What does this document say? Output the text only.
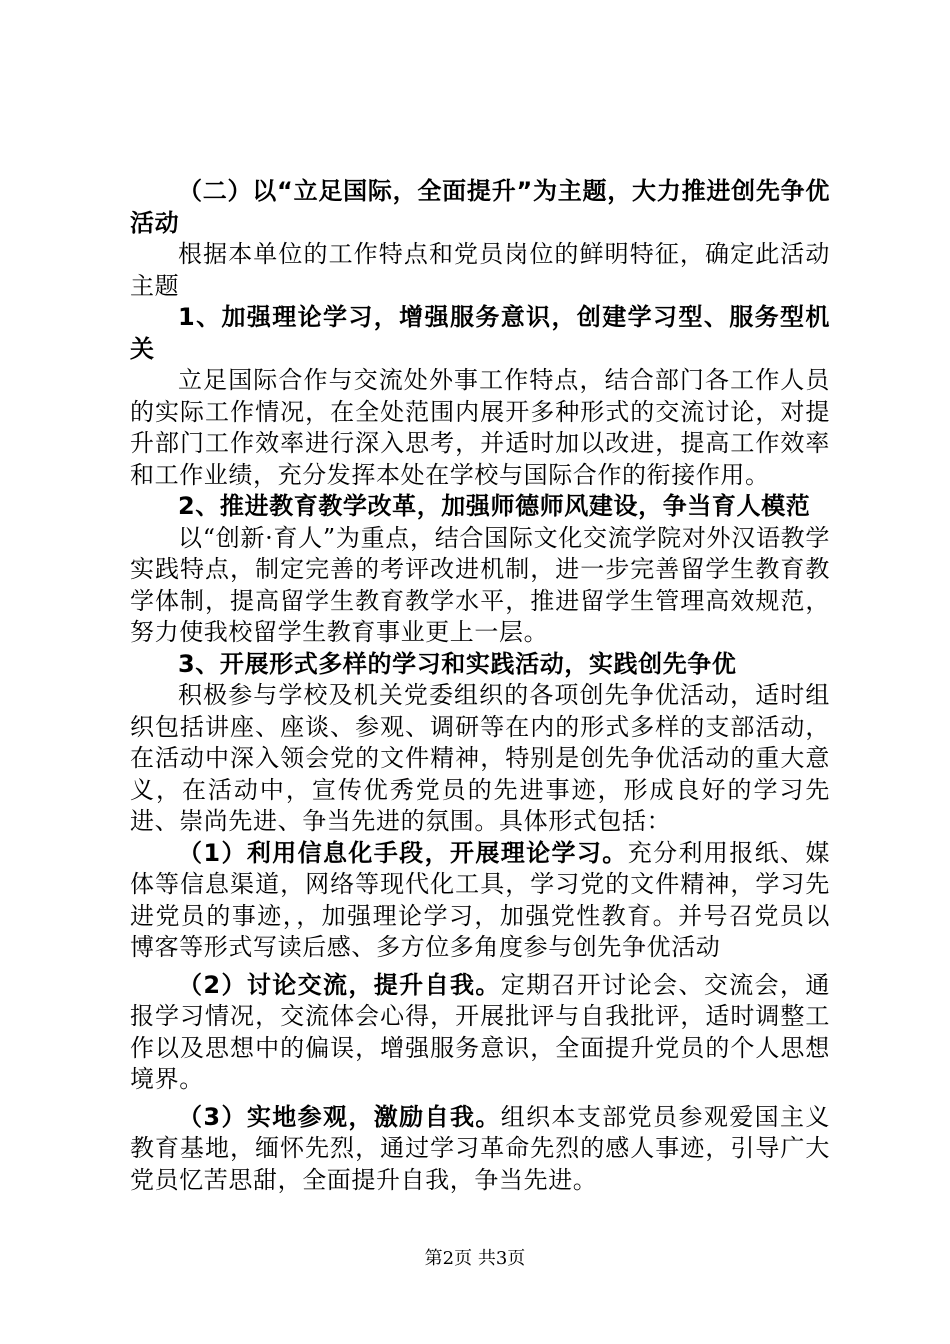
（二）以“立足国际，全面提升”为主题，大力推进创先争优活动

根据本单位的工作特点和党员岗位的鲜明特征，确定此活动主题

1、加强理论学习，增强服务意识，创建学习型、服务型机关

立足国际合作与交流处外事工作特点，结合部门各工作人员的实际工作情况，在全处范围内展开多种形式的交流讨论，对提升部门工作效率进行深入思考，并适时加以改进，提高工作效率和工作业绩，充分发挥本处在学校与国际合作的衔接作用。

2、推进教育教学改革，加强师德师风建设，争当育人模范

以“创新·育人”为重点，结合国际文化交流学院对外汉语教学实践特点，制定完善的考评改进机制，进一步完善留学生教育教学体制，提高留学生教育教学水平，推进留学生管理高效规范，努力使我校留学生教育事业更上一层。

3、开展形式多样的学习和实践活动，实践创先争优

积极参与学校及机关党委组织的各项创先争优活动，适时组织包括讲座、座谈、参观、调研等在内的形式多样的支部活动，在活动中深入领会党的文件精神，特别是创先争优活动的重大意义，在活动中，宣传优秀党员的先进事迹，形成良好的学习先进、崇尚先进、争当先进的氛围。具体形式包括：

（1）利用信息化手段，开展理论学习。充分利用报纸、媒体等信息渠道，网络等现代化工具，学习党的文件精神，学习先进党员的事迹，，加强理论学习，加强党性教育。并号召党员以博客等形式写读后感、多方位多角度参与创先争优活动

（2）讨论交流，提升自我。定期召开讨论会、交流会，通报学习情况，交流体会心得，开展批评与自我批评，适时调整工作以及思想中的偏误，增强服务意识，全面提升党员的个人思想境界。

（3）实地参观，激励自我。组织本支部党员参观爱国主义教育基地，缅怀先烈，通过学习革命先烈的感人事迹，引导广大党员忆苦思甜，全面提升自我，争当先进。

第2页 共3页
